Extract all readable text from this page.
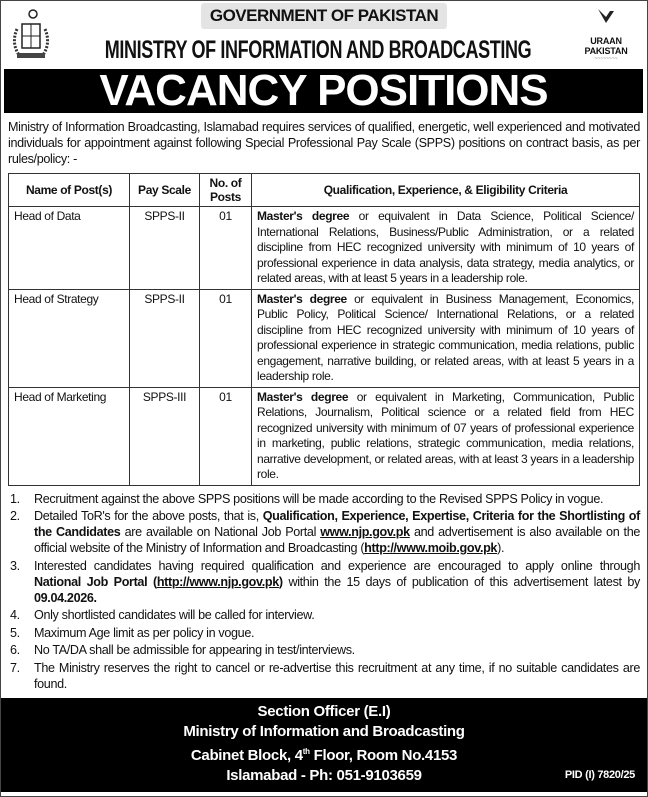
GOVERNMENT OF PAKISTAN
MINISTRY OF INFORMATION AND BROADCASTING	URAAN
PAKISTAN
~~~~~~~~
VACANCY POSITIONS

Ministry of Information Broadcasting, Islamabad requires services of qualified, energetic, well experienced and motivated individuals for appointment against following Special Professional Pay Scale (SPPS) positions on contract basis, as per rules/policy: -

Name of Post(s)	Pay Scale	No. of Posts	Qualification, Experience, & Eligibility Criteria
Head of Data	SPPS-II	01	Master's degree or equivalent in Data Science, Political Science/ International Relations, Business/Public Administration, or a related discipline from HEC recognized university with minimum of 10 years of professional experience in data analysis, data strategy, media analytics, or related areas, with at least 5 years in a leadership role.
Head of Strategy	SPPS-II	01	Master's degree or equivalent in Business Management, Economics, Public Policy, Political Science/ International Relations, or a related discipline from HEC recognized university with minimum of 10 years of professional experience in strategic communication, media relations, public engagement, narrative building, or related areas, with at least 5 years in a leadership role.
Head of Marketing	SPPS-III	01	Master's degree or equivalent in Marketing, Communication, Public Relations, Journalism, Political science or a related field from HEC recognized university with minimum of 07 years of professional experience in marketing, public relations, strategic communication, media relations, narrative development, or related areas, with at least 3 years in a leadership role.
1. Recruitment against the above SPPS positions will be made according to the Revised SPPS Policy in vogue.
2. Detailed ToR's for the above posts, that is, Qualification, Experience, Expertise, Criteria for the Shortlisting of the Candidates are available on National Job Portal www.njp.gov.pk and advertisement is also available on the official website of the Ministry of Information and Broadcasting (http://www.moib.gov.pk).
3. Interested candidates having required qualification and experience are encouraged to apply online through National Job Portal (http://www.njp.gov.pk) within the 15 days of publication of this advertisement latest by 09.04.2026.
4. Only shortlisted candidates will be called for interview.
5. Maximum Age limit as per policy in vogue.
6. No TA/DA shall be admissible for appearing in test/interviews.
7. The Ministry reserves the right to cancel or re-advertise this recruitment at any time, if no suitable candidates are found.
Section Officer (E.I)
Ministry of Information and Broadcasting
Cabinet Block, 4th Floor, Room No.4153
Islamabad - Ph: 051-9103659	PID (I) 7820/25
